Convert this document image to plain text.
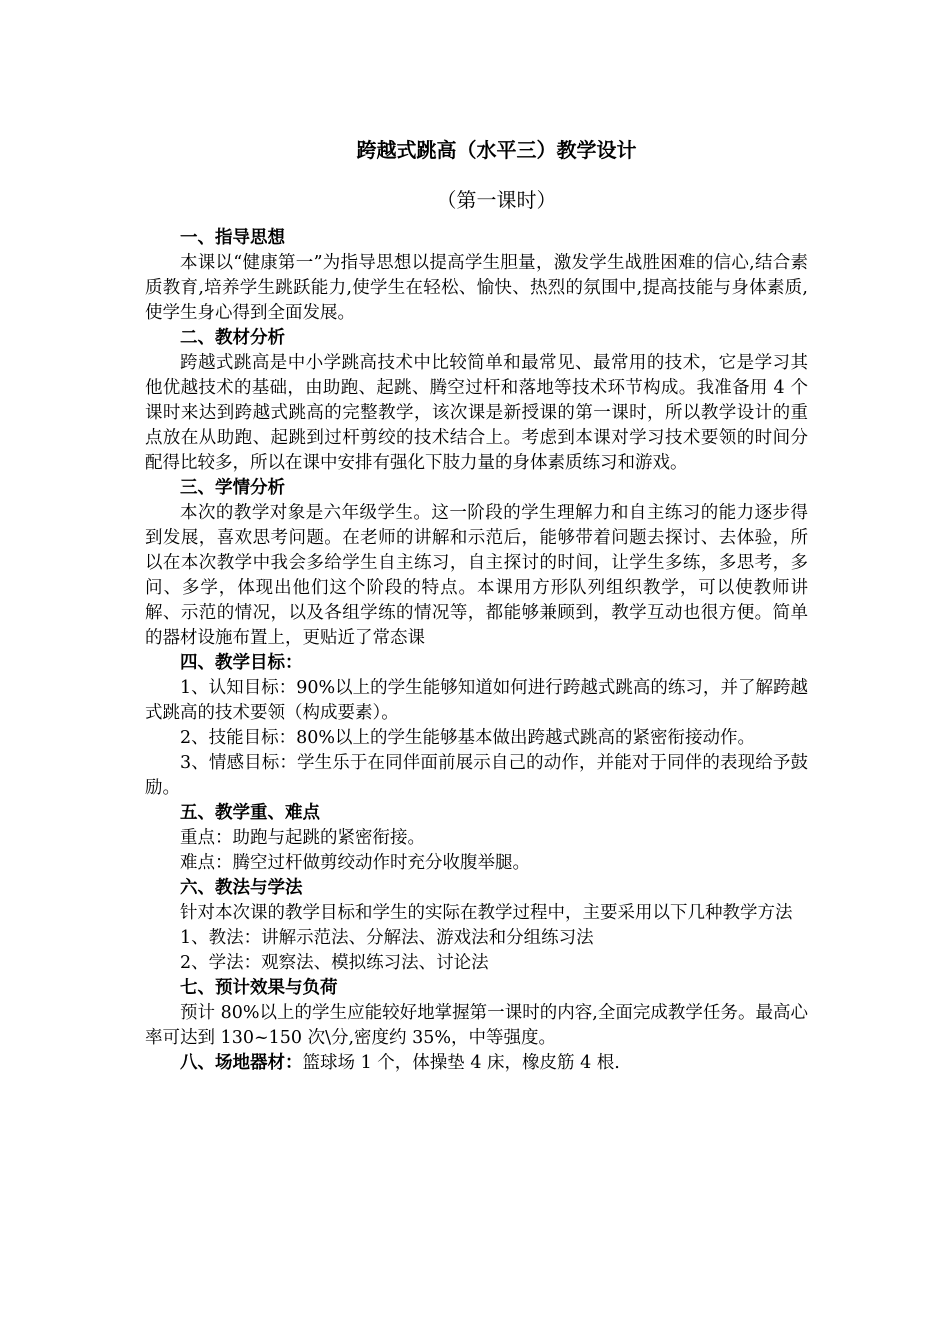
跨越式跳高（水平三）教学设计
（第一课时）
一、指导思想

本课以“健康第一”为指导思想以提高学生胆量，激发学生战胜困难的信心,结合素质教育,培养学生跳跃能力,使学生在轻松、愉快、热烈的氛围中,提高技能与身体素质,使学生身心得到全面发展。

二、教材分析

跨越式跳高是中小学跳高技术中比较简单和最常见、最常用的技术，它是学习其他优越技术的基础，由助跑、起跳、腾空过杆和落地等技术环节构成。我准备用 4 个课时来达到跨越式跳高的完整教学，该次课是新授课的第一课时，所以教学设计的重点放在从助跑、起跳到过杆剪绞的技术结合上。考虑到本课对学习技术要领的时间分配得比较多，所以在课中安排有强化下肢力量的身体素质练习和游戏。

三、学情分析

本次的教学对象是六年级学生。这一阶段的学生理解力和自主练习的能力逐步得到发展，喜欢思考问题。在老师的讲解和示范后，能够带着问题去探讨、去体验，所以在本次教学中我会多给学生自主练习，自主探讨的时间，让学生多练，多思考，多问、多学，体现出他们这个阶段的特点。本课用方形队列组织教学，可以使教师讲解、示范的情况，以及各组学练的情况等，都能够兼顾到，教学互动也很方便。简单的器材设施布置上，更贴近了常态课

四、教学目标：

1、认知目标：90%以上的学生能够知道如何进行跨越式跳高的练习，并了解跨越式跳高的技术要领（构成要素）。

2、技能目标：80%以上的学生能够基本做出跨越式跳高的紧密衔接动作。

3、情感目标：学生乐于在同伴面前展示自己的动作，并能对于同伴的表现给予鼓励。

五、教学重、难点

重点：助跑与起跳的紧密衔接。

难点：腾空过杆做剪绞动作时充分收腹举腿。

六、教法与学法

针对本次课的教学目标和学生的实际在教学过程中，主要采用以下几种教学方法

1、教法：讲解示范法、分解法、游戏法和分组练习法

2、学法：观察法、模拟练习法、讨论法

七、预计效果与负荷

预计 80%以上的学生应能较好地掌握第一课时的内容,全面完成教学任务。最高心率可达到 130~150 次\分,密度约 35%，中等强度。

八、场地器材：篮球场 1 个，体操垫 4 床，橡皮筋 4 根.
